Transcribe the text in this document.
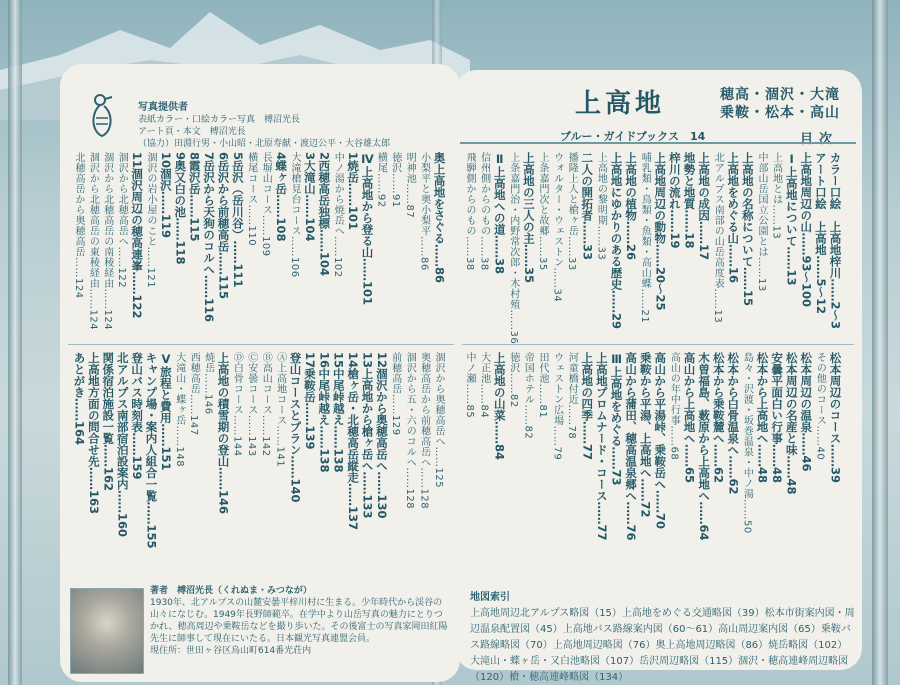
写真提供者
表紙カラー・口絵カラー写真　榑沼光長
アート頁・本文　榑沼光長
（協力）田淵行男・小山昭・北原寿献・渡辺公平・大谷雄太郎
上高地	穂高・涸沢・大滝
乗鞍・松本・高山
ブルー・ガイドブックス　14	目次
カラー口絵　上高地梓川……2〜3
アート口絵　上高地……5〜12
上高地周辺の山……93〜100
Ⅰ上高地について……13
上高地とは……13
中部山岳国立公園とは……13
上高地の名称について……15
上高地をめぐる山……16
北アルプス南部の山岳高度表……13
上高地の成因……17
地勢と地質……18
梓川の流れ……19
上高地周辺の動物……20〜25
哺乳類・鳥類・魚類・高山蝶……21
上高地の植物……26
上高地にゆかりのある歴史……29
上高地の黎明期……33
二人の開拓者……33
播隆上人と槍ヶ岳……33
ウォルター・ウェストン……34
上条嘉門次と故郷……35
上高地の三人の主……35
上条嘉門治・内野常次郎・木村殖……36
Ⅱ上高地への道……38
信州側からのもの……38
飛騨側からのもの……38
松本周辺のコース……39
その他のコース……40
松本周辺の温泉……46
松本周辺の名産と味……48
安曇平面白い行事……48
松本から上高地へ……48
島々・沢渡・坂巻温泉・中ノ湯……50
松本から白骨温泉へ……62
松本から乗鞍麓へ……62
木曽福島、薮原から上高地へ……64
高山から上高地へ……65
高山の年中行事……68
高山から平湯峠、乗鞍岳へ……70
乗鞍から平湯、上高地へ……72
高山から蒲田、穂高温泉郷へ……76
Ⅲ上高地をめぐる……73
上高地プロムナード・コース……77
上高地の四季……77
河童橋付近……78
ウェストン広場……79
田代池……81
帝国ホテル……82
徳沢……82
上高地の山菜……84
大正池……84
中ノ瀬……85
奥上高地をさぐる……86
小梨平と奥小梨平……86
明神池……87
徳沢……91
横尾……92
Ⅳ上高地から登る山……101
1焼岳……101
中ノ湯から焼岳へ……102
2西穂高岳独標……104
3大滝山……104
大滝槍見台コース……106
4蝶ヶ岳……108
長塀山コース……109
横尾コース……110
5岳沢（岳川谷）……111
6岳沢から前穂高岳……115
7岳沢から天狗のコルへ……116
8霞沢岳……115
9奥又白の池……118
10涸沢……119
涸沢の岩小屋のこと……121
11涸沢周辺の穂高連峯……122
涸沢から北穂高岳へ……122
涸沢から北穂高岳の南稜経由……124
涸沢から北穂高岳の東稜経由……124
北穂高岳から奥穂高岳……124
涸沢から奥穂高岳へ……125
奥穂高岳から前穂高岳へ……128
涸沢から五・六のコルへ……128
前穂高岳……129
12涸沢から奥穂高岳へ……130
13上高地から槍ヶ岳へ……133
14槍ヶ岳・北穂高岳縦走……137
15中尾峠越え……138
16中尾峠越え……138
17乗鞍岳……139
登山コースとプラン……140
Ⓐ上高地コース……141
Ⓑ高山コース……142
Ⓒ安曇コース……143
Ⓓ白骨コース……144
上高地の積雪期の登山……146
焼岳……146
西穂高岳……147
大滝山・蝶ヶ岳……148
Ⅴ旅程と費用……151
キャンプ場・案内人組合一覧……155
登山バス時刻表……159
北アルプス南部宿泊設案内……160
関係宿泊施設一覧……162
上高地方面の問合せ先……163
あとがき……164
地図索引
上高地周辺北アルプス略図（15）上高地をめぐる交通略図（39）松本市街案内図・周辺温泉配置図（45）上高地バス路線案内図（60〜61）高山周辺案内図（65）乗鞍バス路線略図（70）上高地周辺略図（76）奥上高地周辺略図（86）焼岳略図（102）大滝山・蝶ヶ岳・又白池略図（107）岳沢周辺略図（115）涸沢・穂高連峰周辺略図（120）槍・穂高連峰略図（134）
著者　榑沼光長（くれぬま・みつなが）
1930年、北アルプスの山麓安曇平梓川村に生まる。少年時代から渓谷の山々になじむ。1949年長野師範卒。在学中より山岳写真の魅力にとりつかれ、穂高周辺や乗鞍岳などを撮り歩いた。その後富士の写真家岡田紅陽先生に師事して現在にいたる。日本観光写真連盟会員。
現住所：世田ヶ谷区烏山町614番光荘内
